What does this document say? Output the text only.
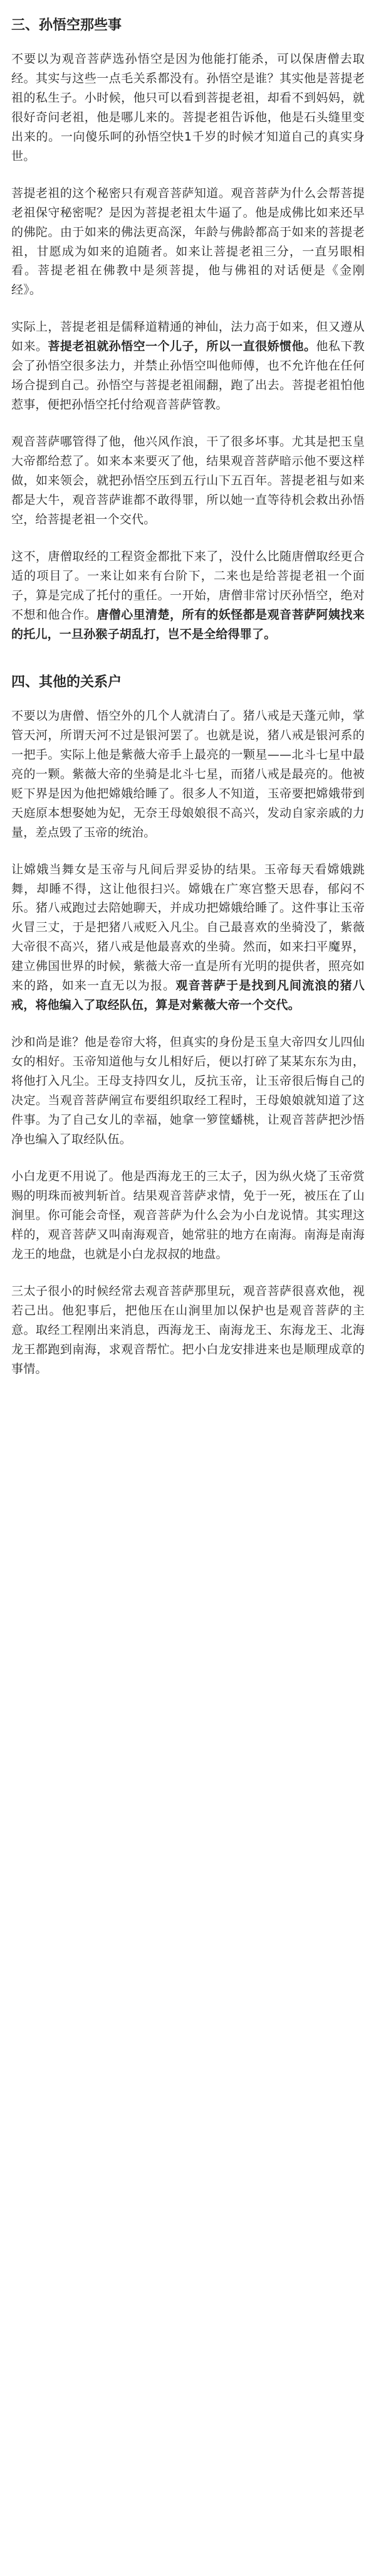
三、孙悟空那些事

不要以为观音菩萨选孙悟空是因为他能打能杀，可以保唐僧去取经。其实与这些一点毛关系都没有。孙悟空是谁？其实他是菩提老祖的私生子。小时候，他只可以看到菩提老祖，却看不到妈妈，就很好奇问老祖，他是哪儿来的。菩提老祖告诉他，他是石头缝里变出来的。一向傻乐呵的孙悟空快1千岁的时候才知道自己的真实身世。

菩提老祖的这个秘密只有观音菩萨知道。观音菩萨为什么会帮菩提老祖保守秘密呢？是因为菩提老祖太牛逼了。他是成佛比如来还早的佛陀。由于如来的佛法更高深，年龄与佛龄都高于如来的菩提老祖，甘愿成为如来的追随者。如来让菩提老祖三分，一直另眼相看。菩提老祖在佛教中是须菩提，他与佛祖的对话便是《金刚经》。

实际上，菩提老祖是儒释道精通的神仙，法力高于如来，但又遵从如来。菩提老祖就孙悟空一个儿子，所以一直很娇惯他。他私下教会了孙悟空很多法力，并禁止孙悟空叫他师傅，也不允许他在任何场合提到自己。孙悟空与菩提老祖闹翻，跑了出去。菩提老祖怕他惹事，便把孙悟空托付给观音菩萨管教。

观音菩萨哪管得了他，他兴风作浪，干了很多坏事。尤其是把玉皇大帝都给惹了。如来本来要灭了他，结果观音菩萨暗示他不要这样做，如来领会，就把孙悟空压到五行山下五百年。菩提老祖与如来都是大牛，观音菩萨谁都不敢得罪，所以她一直等待机会救出孙悟空，给菩提老祖一个交代。

这不，唐僧取经的工程资金都批下来了，没什么比随唐僧取经更合适的项目了。一来让如来有台阶下，二来也是给菩提老祖一个面子，算是完成了托付的重任。一开始，唐僧非常讨厌孙悟空，绝对不想和他合作。唐僧心里清楚，所有的妖怪都是观音菩萨阿姨找来的托儿，一旦孙猴子胡乱打，岂不是全给得罪了。

四、其他的关系户

不要以为唐僧、悟空外的几个人就清白了。猪八戒是天蓬元帅，掌管天河，所谓天河不过是银河罢了。也就是说，猪八戒是银河系的一把手。实际上他是紫薇大帝手上最亮的一颗星——北斗七星中最亮的一颗。紫薇大帝的坐骑是北斗七星，而猪八戒是最亮的。他被贬下界是因为他把嫦娥给睡了。很多人不知道，玉帝要把嫦娥带到天庭原本想娶她为妃，无奈王母娘娘很不高兴，发动自家亲戚的力量，差点毁了玉帝的统治。

让嫦娥当舞女是玉帝与凡间后羿妥协的结果。玉帝每天看嫦娥跳舞，却睡不得，这让他很扫兴。嫦娥在广寒宫整天思春，郁闷不乐。猪八戒跑过去陪她聊天，并成功把嫦娥给睡了。这件事让玉帝火冒三丈，于是把猪八戒贬入凡尘。自己最喜欢的坐骑没了，紫薇大帝很不高兴，猪八戒是他最喜欢的坐骑。然而，如来扫平魔界，建立佛国世界的时候，紫薇大帝一直是所有光明的提供者，照亮如来的路，如来一直无以为报。观音菩萨于是找到凡间流浪的猪八戒，将他编入了取经队伍，算是对紫薇大帝一个交代。

沙和尚是谁？他是卷帘大将，但真实的身份是玉皇大帝四女儿四仙女的相好。玉帝知道他与女儿相好后，便以打碎了某某东东为由，将他打入凡尘。王母支持四女儿，反抗玉帝，让玉帝很后悔自己的决定。当观音菩萨阐宣布要组织取经工程时，王母娘娘就知道了这件事。为了自己女儿的幸福，她拿一箩筐蟠桃，让观音菩萨把沙悟净也编入了取经队伍。

小白龙更不用说了。他是西海龙王的三太子，因为纵火烧了玉帝赏赐的明珠而被判斩首。结果观音菩萨求情，免于一死，被压在了山涧里。你可能会奇怪，观音菩萨为什么会为小白龙说情。其实理这样的，观音菩萨又叫南海观音，她常驻的地方在南海。南海是南海龙王的地盘，也就是小白龙叔叔的地盘。

三太子很小的时候经常去观音菩萨那里玩，观音菩萨很喜欢他，视若己出。他犯事后，把他压在山涧里加以保护也是观音菩萨的主意。取经工程刚出来消息，西海龙王、南海龙王、东海龙王、北海龙王都跑到南海，求观音帮忙。把小白龙安排进来也是顺理成章的事情。
